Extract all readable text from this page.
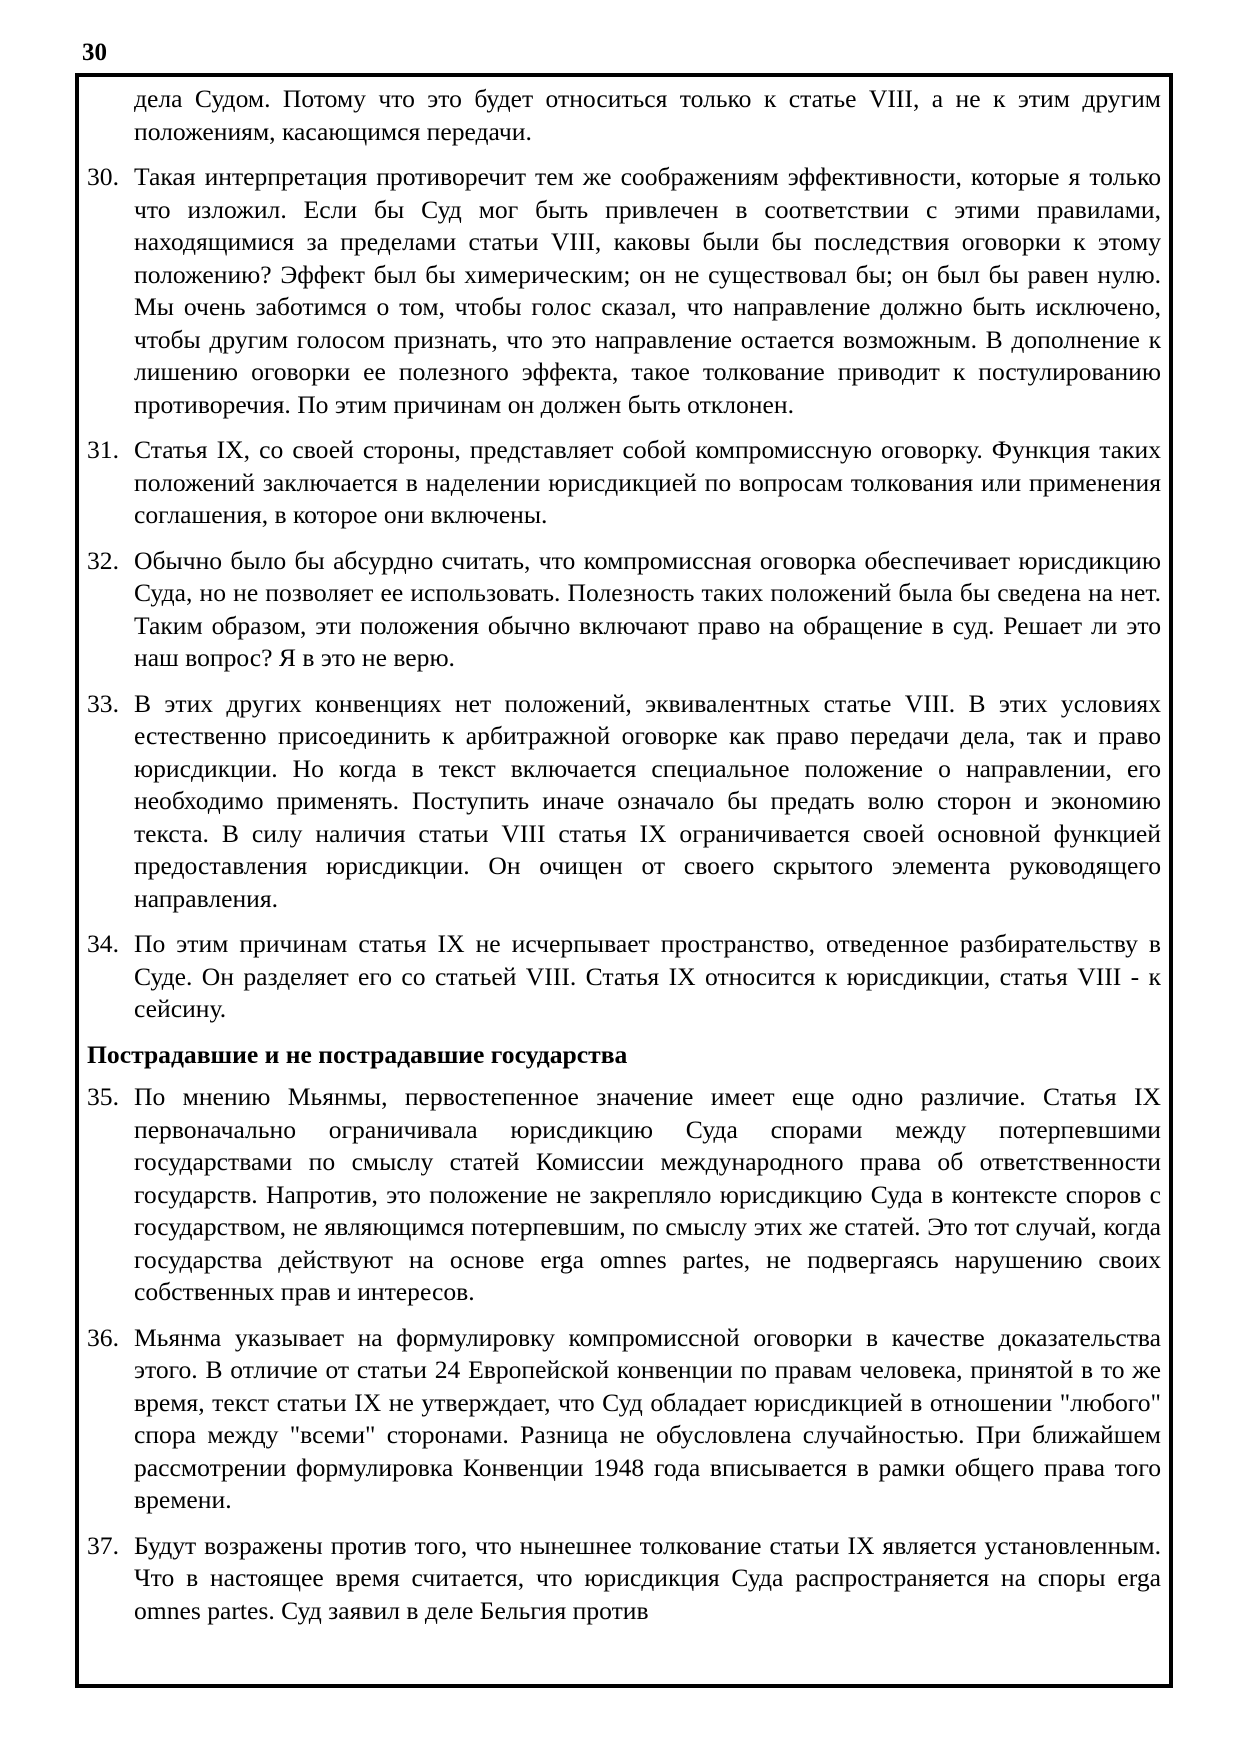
30
дела Судом. Потому что это будет относиться только к статье VIII, а не к этим другим положениям, касающимся передачи.
30. Такая интерпретация противоречит тем же соображениям эффективности, которые я только что изложил. Если бы Суд мог быть привлечен в соответствии с этими правилами, находящимися за пределами статьи VIII, каковы были бы последствия оговорки к этому положению? Эффект был бы химерическим; он не существовал бы; он был бы равен нулю. Мы очень заботимся о том, чтобы голос сказал, что направление должно быть исключено, чтобы другим голосом признать, что это направление остается возможным. В дополнение к лишению оговорки ее полезного эффекта, такое толкование приводит к постулированию противоречия. По этим причинам он должен быть отклонен.
31. Статья IX, со своей стороны, представляет собой компромиссную оговорку. Функция таких положений заключается в наделении юрисдикцией по вопросам толкования или применения соглашения, в которое они включены.
32. Обычно было бы абсурдно считать, что компромиссная оговорка обеспечивает юрисдикцию Суда, но не позволяет ее использовать. Полезность таких положений была бы сведена на нет. Таким образом, эти положения обычно включают право на обращение в суд. Решает ли это наш вопрос? Я в это не верю.
33. В этих других конвенциях нет положений, эквивалентных статье VIII. В этих условиях естественно присоединить к арбитражной оговорке как право передачи дела, так и право юрисдикции. Но когда в текст включается специальное положение о направлении, его необходимо применять. Поступить иначе означало бы предать волю сторон и экономию текста. В силу наличия статьи VIII статья IX ограничивается своей основной функцией предоставления юрисдикции. Он очищен от своего скрытого элемента руководящего направления.
34. По этим причинам статья IX не исчерпывает пространство, отведенное разбирательству в Суде. Он разделяет его со статьей VIII. Статья IX относится к юрисдикции, статья VIII - к сейсину.
Пострадавшие и не пострадавшие государства
35. По мнению Мьянмы, первостепенное значение имеет еще одно различие. Статья IX первоначально ограничивала юрисдикцию Суда спорами между потерпевшими государствами по смыслу статей Комиссии международного права об ответственности государств. Напротив, это положение не закрепляло юрисдикцию Суда в контексте споров с государством, не являющимся потерпевшим, по смыслу этих же статей. Это тот случай, когда государства действуют на основе erga omnes partes, не подвергаясь нарушению своих собственных прав и интересов.
36. Мьянма указывает на формулировку компромиссной оговорки в качестве доказательства этого. В отличие от статьи 24 Европейской конвенции по правам человека, принятой в то же время, текст статьи IX не утверждает, что Суд обладает юрисдикцией в отношении "любого" спора между "всеми" сторонами. Разница не обусловлена случайностью. При ближайшем рассмотрении формулировка Конвенции 1948 года вписывается в рамки общего права того времени.
37. Будут возражены против того, что нынешнее толкование статьи IX является установленным. Что в настоящее время считается, что юрисдикция Суда распространяется на споры erga omnes partes. Суд заявил в деле Бельгия против
